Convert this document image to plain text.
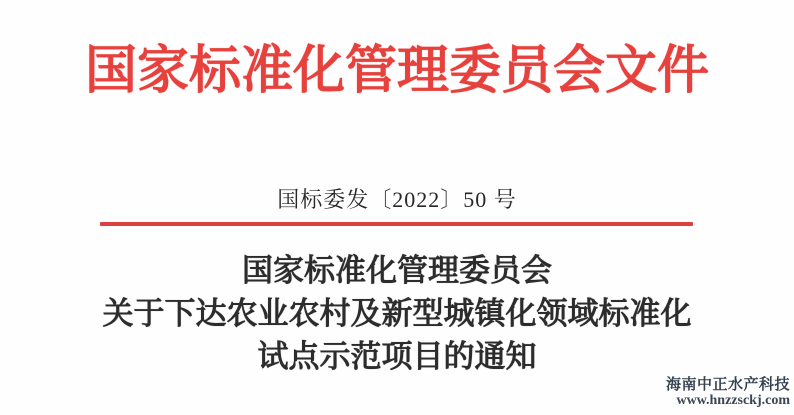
国家标准化管理委员会文件
国标委发〔2022〕50 号
国家标准化管理委员会
关于下达农业农村及新型城镇化领域标准化
试点示范项目的通知
海南中正水产科技
www.hnzzsckj.com
